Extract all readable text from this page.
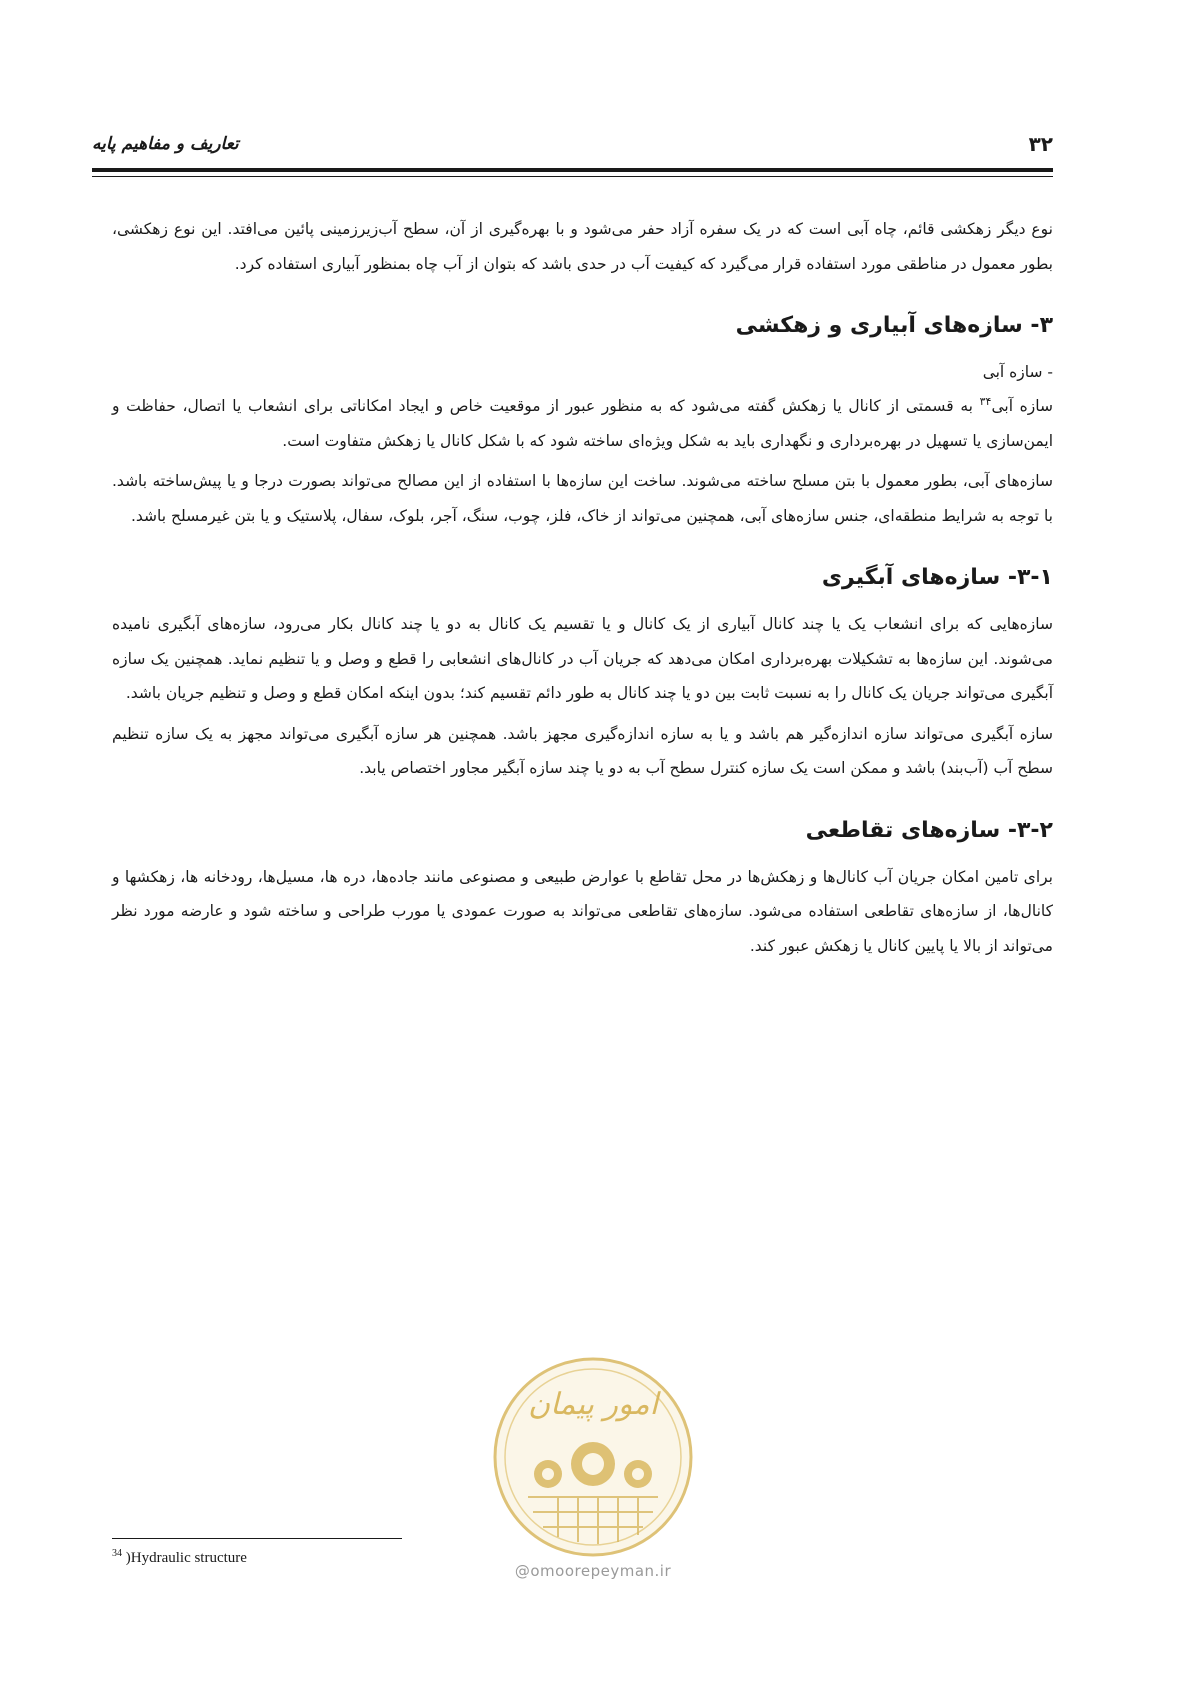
۳۲
تعاریف و مفاهیم پایه

نوع دیگر زهکشی قائم، چاه آبی است که در یک سفره آزاد حفر می‌شود و با بهره‌گیری از آن، سطح آب‌زیرزمینی پائین می‌افتد. این نوع زهکشی، بطور معمول در مناطقی مورد استفاده قرار می‌گیرد که کیفیت آب در حدی باشد که بتوان از آب چاه بمنظور آبیاری استفاده کرد.

۳- سازه‌های آبیاری و زهکشی
- سازه آبی

سازه آبی$^{۳۴}$ به قسمتی از کانال یا زهکش گفته می‌شود که به منظور عبور از موقعیت خاص و ایجاد امکاناتی برای انشعاب یا اتصال، حفاظت و ایمن‌سازی یا تسهیل در بهره‌برداری و نگهداری باید به شکل ویژه‌ای ساخته شود که با شکل کانال یا زهکش متفاوت است.

سازه‌های آبی، بطور معمول با بتن مسلح ساخته می‌شوند. ساخت این سازه‌ها با استفاده از این مصالح می‌تواند بصورت درجا و یا پیش‌ساخته باشد. با توجه به شرایط منطقه‌ای، جنس سازه‌های آبی، همچنین می‌تواند از خاک، فلز، چوب، سنگ، آجر، بلوک، سفال، پلاستیک و یا بتن غیرمسلح باشد.

۳-۱- سازه‌های آبگیری

سازه‌هایی که برای انشعاب یک یا چند کانال آبیاری از یک کانال و یا تقسیم یک کانال به دو یا چند کانال بکار می‌رود، سازه‌های آبگیری نامیده می‌شوند. این سازه‌ها به تشکیلات بهره‌برداری امکان می‌دهد که جریان آب در کانال‌های انشعابی را قطع و وصل و یا تنظیم نماید. همچنین یک سازه آبگیری می‌تواند جریان یک کانال را به نسبت ثابت بین دو یا چند کانال به طور دائم تقسیم کند؛ بدون اینکه امکان قطع و وصل و تنظیم جریان باشد.

سازه آبگیری می‌تواند سازه اندازه‌گیر هم باشد و یا به سازه اندازه‌گیری مجهز باشد. همچنین هر سازه آبگیری می‌تواند مجهز به یک سازه تنظیم سطح آب (آب‌بند) باشد و ممکن است یک سازه کنترل سطح آب به دو یا چند سازه آبگیر مجاور اختصاص یابد.

۳-۲- سازه‌های تقاطعی

برای تامین امکان جریان آب کانال‌ها و زهکش‌ها در محل تقاطع با عوارض طبیعی و مصنوعی مانند جاده‌ها، دره ها، مسیل‌ها، رودخانه ها، زهکشها و کانال‌ها، از سازه‌های تقاطعی استفاده می‌شود. سازه‌های تقاطعی می‌تواند به صورت عمودی یا مورب طراحی و ساخته شود و عارضه مورد نظر می‌تواند از بالا یا پایین کانال یا زهکش عبور کند.

امور پیمان
@omoorepeyman.ir
$^{34}$ )Hydraulic structure
